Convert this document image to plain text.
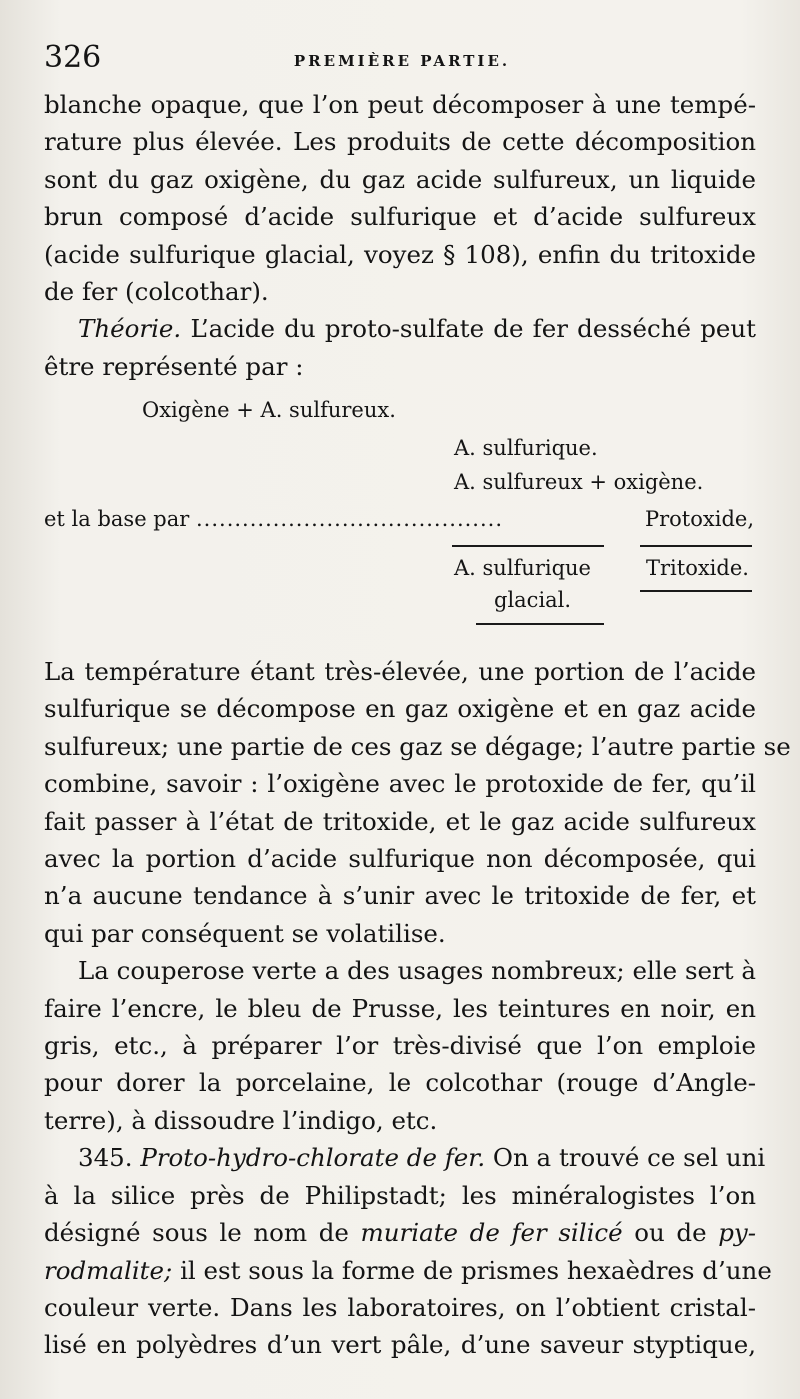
326	PREMIÈRE PARTIE.
blanche opaque, que l’on peut décomposer à une tempé-
rature plus élevée. Les produits de cette décomposition
sont du gaz oxigène, du gaz acide sulfureux, un liquide
brun composé d’acide sulfurique et d’acide sulfureux
(acide sulfurique glacial, voyez § 108), enfin du tritoxide
de fer (colcothar).
Théorie. L’acide du proto-sulfate de fer desséché peut
être représenté par :
Oxigène + A. sulfureux.
A. sulfurique.
A. sulfureux + oxigène.
et la base par ........................................	Protoxide,
A. sulfurique
glacial.
Tritoxide.
La température étant très-élevée, une portion de l’acide
sulfurique se décompose en gaz oxigène et en gaz acide
sulfureux; une partie de ces gaz se dégage; l’autre partie se
combine, savoir : l’oxigène avec le protoxide de fer, qu’il
fait passer à l’état de tritoxide, et le gaz acide sulfureux
avec la portion d’acide sulfurique non décomposée, qui
n’a aucune tendance à s’unir avec le tritoxide de fer, et
qui par conséquent se volatilise.
La couperose verte a des usages nombreux; elle sert à
faire l’encre, le bleu de Prusse, les teintures en noir, en
gris, etc., à préparer l’or très-divisé que l’on emploie
pour dorer la porcelaine, le colcothar (rouge d’Angle-
terre), à dissoudre l’indigo, etc.
345. Proto-hydro-chlorate de fer. On a trouvé ce sel uni
à la silice près de Philipstadt; les minéralogistes l’on
désigné sous le nom de muriate de fer silicé ou de py-
rodmalite; il est sous la forme de prismes hexaèdres d’une
couleur verte. Dans les laboratoires, on l’obtient cristal-
lisé en polyèdres d’un vert pâle, d’une saveur styptique,
